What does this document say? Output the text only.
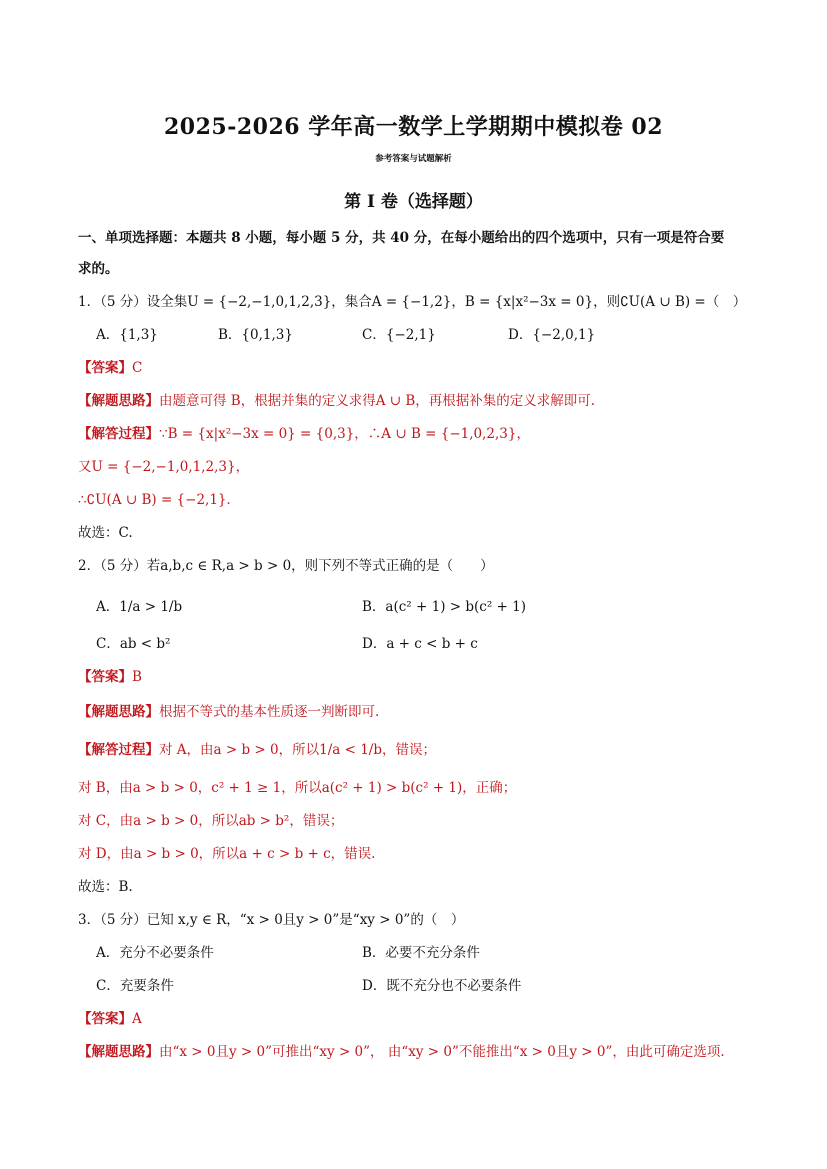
2025-2026 学年高一数学上学期期中模拟卷 02
参考答案与试题解析
第 I 卷（选择题）
一、单项选择题：本题共 8 小题，每小题 5 分，共 40 分，在每小题给出的四个选项中，只有一项是符合要
求的。
1．（5 分）设全集U = {−2,−1,0,1,2,3}，集合A = {−1,2}，B = {x|x²−3x = 0}，则∁U(A ∪ B) =（　）
A．{1,3}	B．{0,1,3}	C．{−2,1}	D．{−2,0,1}
【答案】C
【解题思路】由题意可得 B，根据并集的定义求得A ∪ B，再根据补集的定义求解即可.
【解答过程】∵B = {x|x²−3x = 0} = {0,3}，∴A ∪ B = {−1,0,2,3}，
又U = {−2,−1,0,1,2,3}，
∴∁U(A ∪ B) = {−2,1}．
故选：C.
2．（5 分）若a,b,c ∈ R,a > b > 0，则下列不等式正确的是（　　）
A．1/a > 1/b	B．a(c² + 1) > b(c² + 1)
C．ab < b²	D．a + c < b + c
【答案】B
【解题思路】根据不等式的基本性质逐一判断即可.
【解答过程】对 A，由a > b > 0，所以1/a < 1/b，错误；
对 B，由a > b > 0，c² + 1 ≥ 1，所以a(c² + 1) > b(c² + 1)，正确；
对 C，由a > b > 0，所以ab > b²，错误；
对 D，由a > b > 0，所以a + c > b + c，错误.
故选：B.
3．（5 分）已知 x,y ∈ R，“x > 0且y > 0”是“xy > 0”的（　）
A．充分不必要条件	B．必要不充分条件
C．充要条件	D．既不充分也不必要条件
【答案】A
【解题思路】由“x > 0且y > 0”可推出“xy > 0”， 由“xy > 0”不能推出“x > 0且y > 0”，由此可确定选项.
